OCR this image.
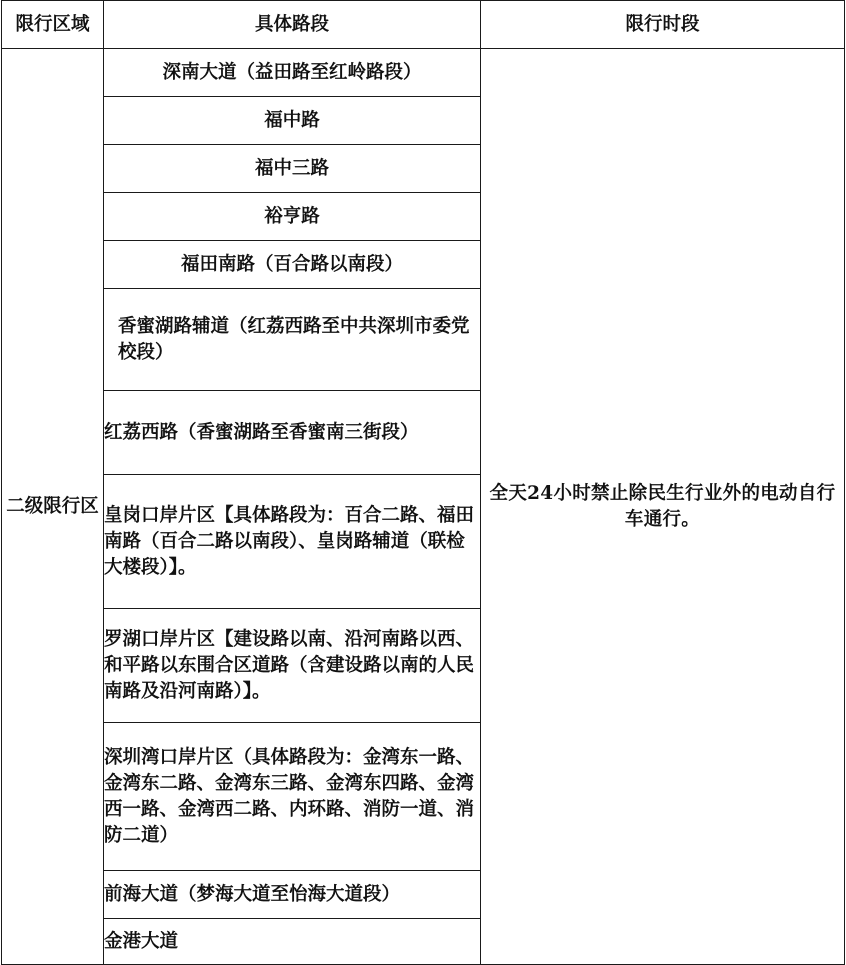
限行区域	具体路段	限行时段
二级限行区	深南大道（益田路至红岭路段）	全天24小时禁止除民生行业外的电动自行车通行。
	福中路	
	福中三路	
	裕亨路	
	福田南路（百合路以南段）	
	香蜜湖路辅道（红荔西路至中共深圳市委党校段）	
	红荔西路（香蜜湖路至香蜜南三街段）	
	皇岗口岸片区【具体路段为：百合二路、福田南路（百合二路以南段）、皇岗路辅道（联检大楼段）】。	
	罗湖口岸片区【建设路以南、沿河南路以西、和平路以东围合区道路（含建设路以南的人民南路及沿河南路）】。	
	深圳湾口岸片区（具体路段为：金湾东一路、金湾东二路、金湾东三路、金湾东四路、金湾西一路、金湾西二路、内环路、消防一道、消防二道）	
	前海大道（梦海大道至怡海大道段）	
	金港大道	
